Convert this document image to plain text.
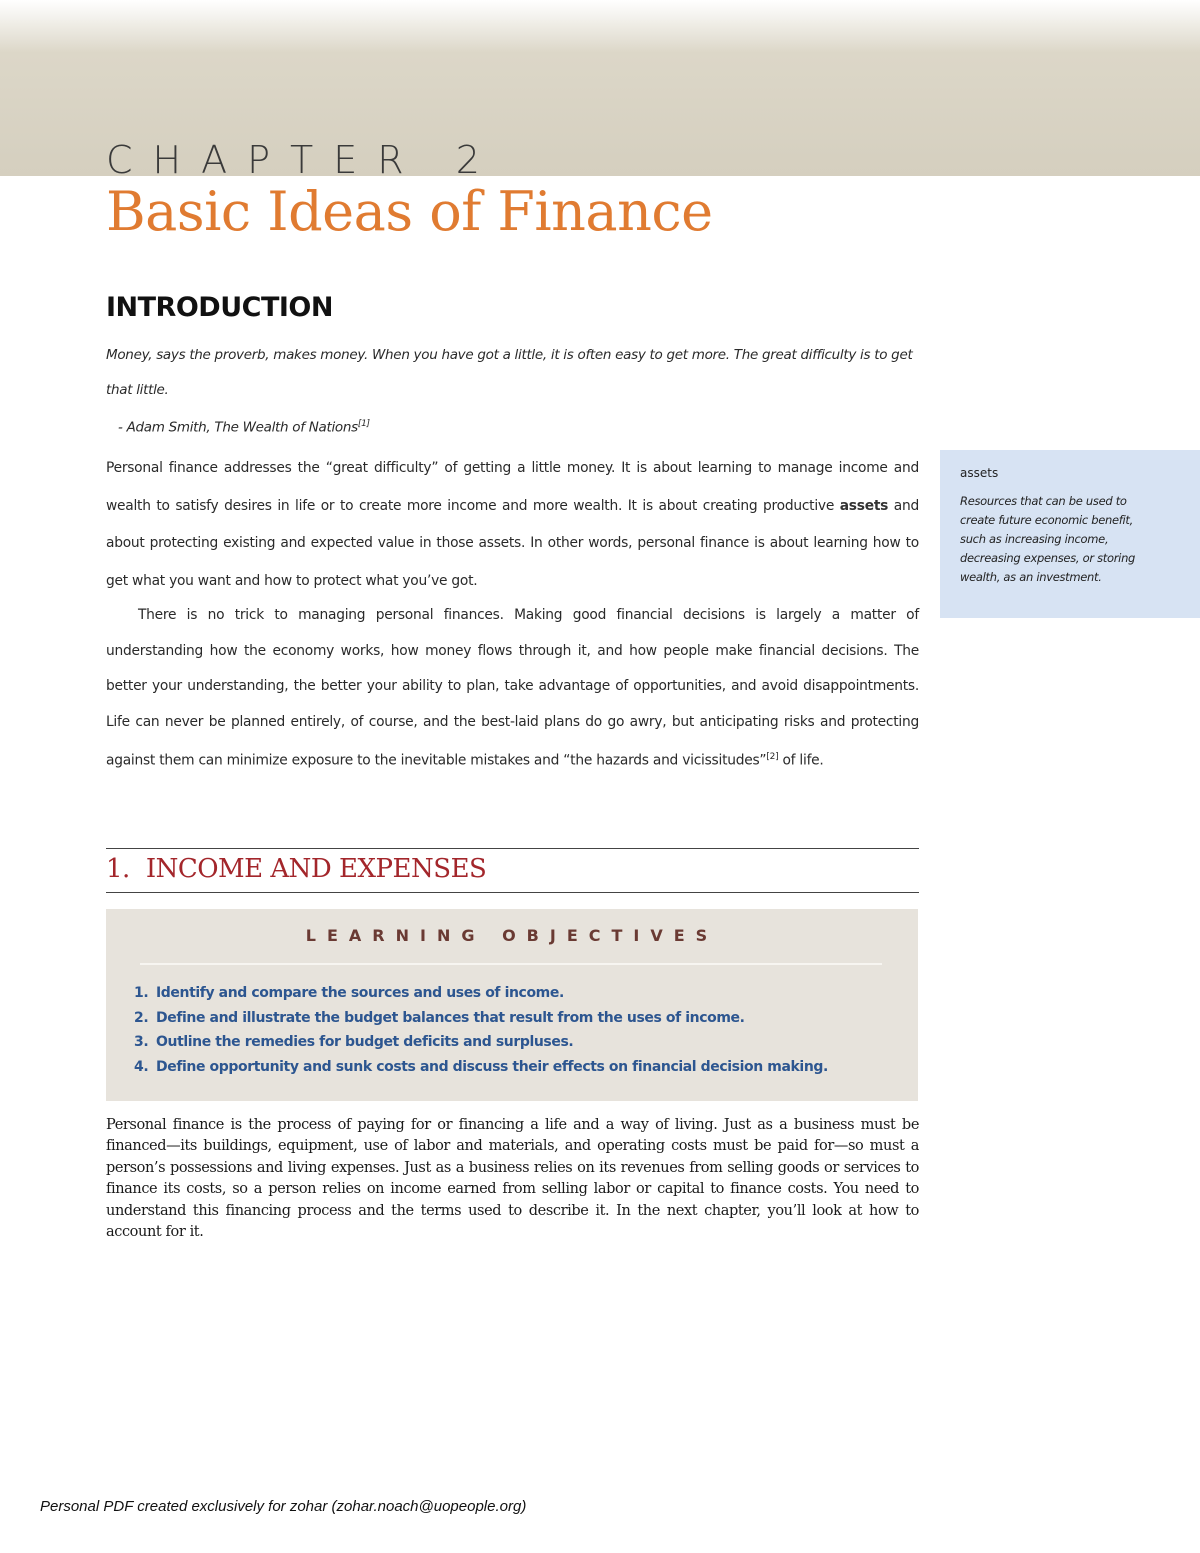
CHAPTER 2
Basic Ideas of Finance
INTRODUCTION
Money, says the proverb, makes money. When you have got a little, it is often easy to get more. The great difficulty is to get that little.
- Adam Smith, The Wealth of Nations[1]
Personal finance addresses the “great difficulty” of getting a little money. It is about learning to manage income and wealth to satisfy desires in life or to create more income and more wealth. It is about creating productive assets and about protecting existing and expected value in those assets. In other words, personal finance is about learning how to get what you want and how to protect what you’ve got.
There is no trick to managing personal finances. Making good financial decisions is largely a matter of understanding how the economy works, how money flows through it, and how people make financial decisions. The better your understanding, the better your ability to plan, take advantage of opportunities, and avoid disappointments. Life can never be planned entirely, of course, and the best-laid plans do go awry, but anticipating risks and protecting against them can minimize exposure to the inevitable mistakes and “the hazards and vicissitudes”[2] of life.
assets
Resources that can be used to create future economic benefit, such as increasing income, decreasing expenses, or storing wealth, as an investment.
1. INCOME AND EXPENSES
LEARNING OBJECTIVES
1. Identify and compare the sources and uses of income.
2. Define and illustrate the budget balances that result from the uses of income.
3. Outline the remedies for budget deficits and surpluses.
4. Define opportunity and sunk costs and discuss their effects on financial decision making.
Personal finance is the process of paying for or financing a life and a way of living. Just as a business must be financed—its buildings, equipment, use of labor and materials, and operating costs must be paid for—so must a person’s possessions and living expenses. Just as a business relies on its revenues from selling goods or services to finance its costs, so a person relies on income earned from selling labor or capital to finance costs. You need to understand this financing process and the terms used to describe it. In the next chapter, you’ll look at how to account for it.
Personal PDF created exclusively for zohar (zohar.noach@uopeople.org)
